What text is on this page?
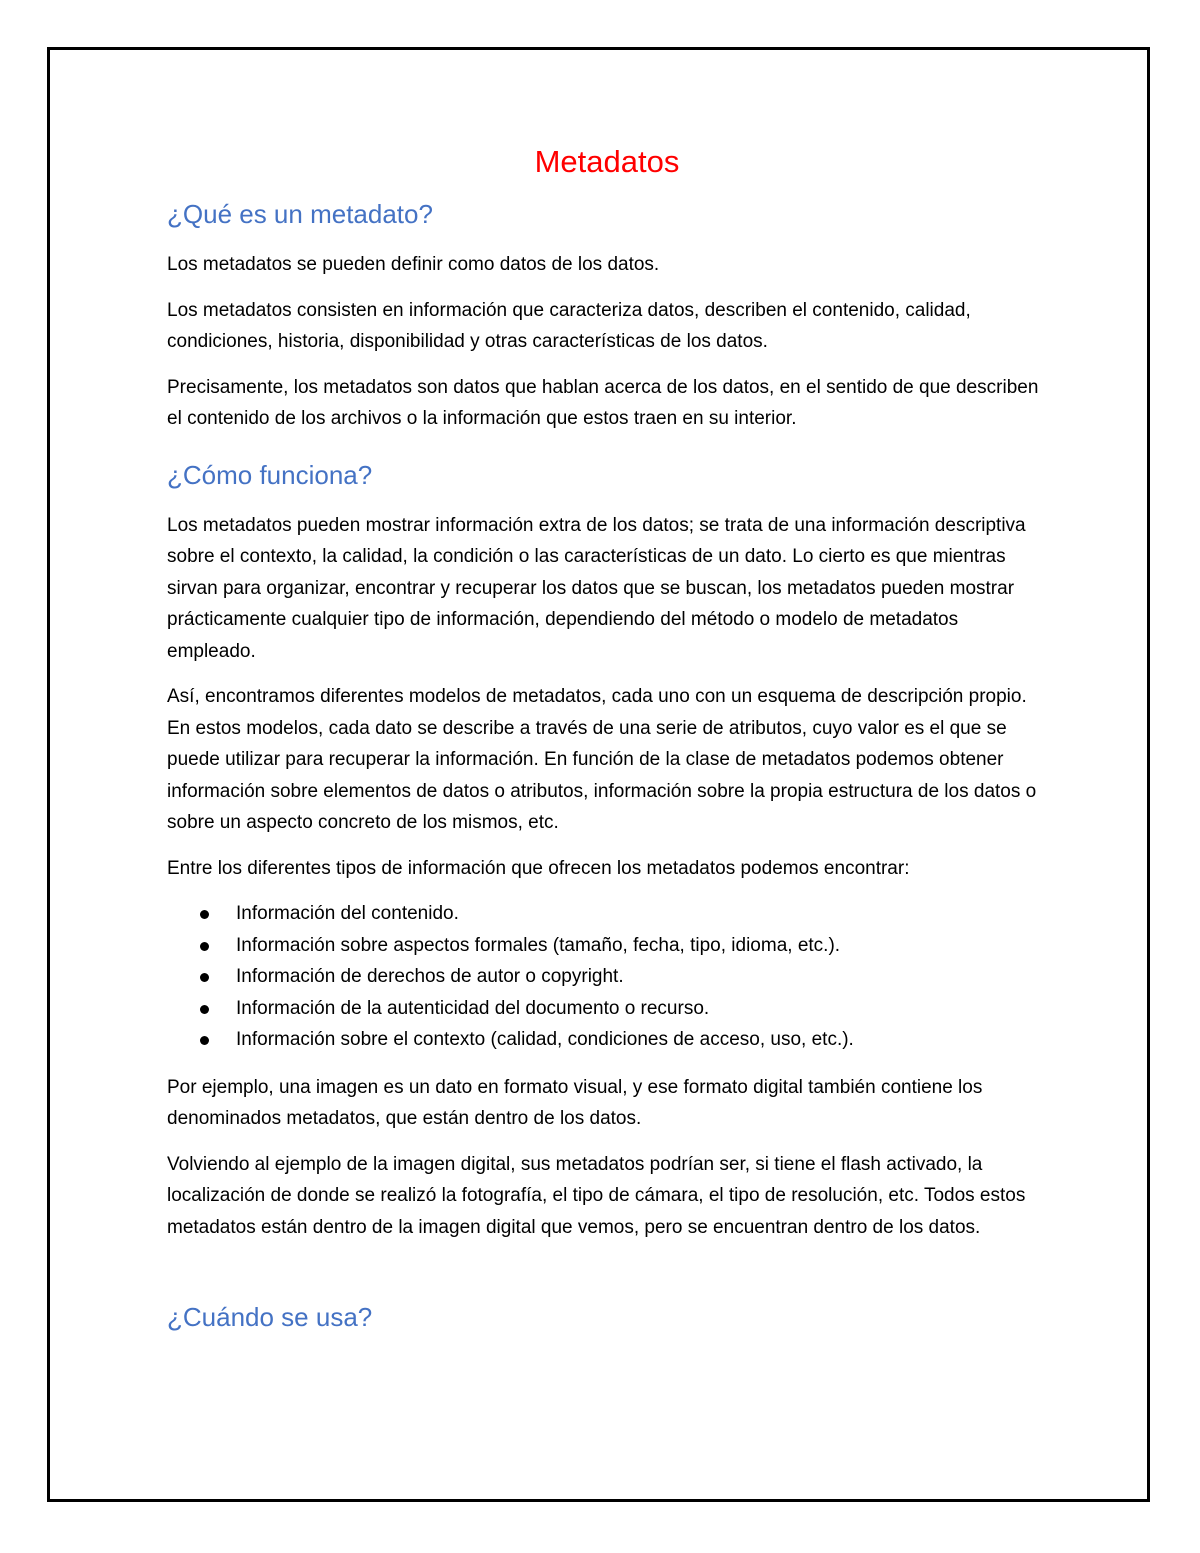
Metadatos
¿Qué es un metadato?

Los metadatos se pueden definir como datos de los datos.

Los metadatos consisten en información que caracteriza datos, describen el contenido, calidad, condiciones, historia, disponibilidad y otras características de los datos.

Precisamente, los metadatos son datos que hablan acerca de los datos, en el sentido de que describen el contenido de los archivos o la información que estos traen en su interior.

¿Cómo funciona?

Los metadatos pueden mostrar información extra de los datos; se trata de una información descriptiva sobre el contexto, la calidad, la condición o las características de un dato. Lo cierto es que mientras sirvan para organizar, encontrar y recuperar los datos que se buscan, los metadatos pueden mostrar prácticamente cualquier tipo de información, dependiendo del método o modelo de metadatos empleado.

Así, encontramos diferentes modelos de metadatos, cada uno con un esquema de descripción propio. En estos modelos, cada dato se describe a través de una serie de atributos, cuyo valor es el que se puede utilizar para recuperar la información. En función de la clase de metadatos podemos obtener información sobre elementos de datos o atributos, información sobre la propia estructura de los datos o sobre un aspecto concreto de los mismos, etc.

Entre los diferentes tipos de información que ofrecen los metadatos podemos encontrar:

Información del contenido.
Información sobre aspectos formales (tamaño, fecha, tipo, idioma, etc.).
Información de derechos de autor o copyright.
Información de la autenticidad del documento o recurso.
Información sobre el contexto (calidad, condiciones de acceso, uso, etc.).

Por ejemplo, una imagen es un dato en formato visual, y ese formato digital también contiene los denominados metadatos, que están dentro de los datos.

Volviendo al ejemplo de la imagen digital, sus metadatos podrían ser, si tiene el flash activado, la localización de donde se realizó la fotografía, el tipo de cámara, el tipo de resolución, etc. Todos estos metadatos están dentro de la imagen digital que vemos, pero se encuentran dentro de los datos.

¿Cuándo se usa?
